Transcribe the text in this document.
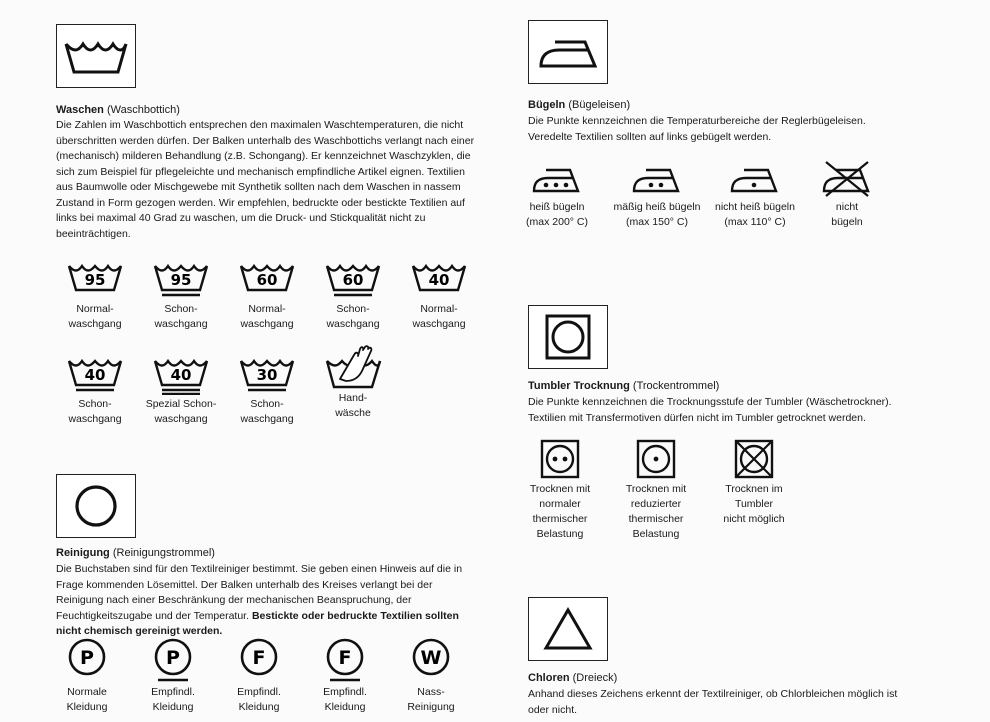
Waschen (Waschbottich)
Die Zahlen im Waschbottich entsprechen den maximalen Waschtemperaturen, die nicht überschritten werden dürfen. Der Balken unterhalb des Waschbottichs verlangt nach einer (mechanisch) milderen Behandlung (z.B. Schongang). Er kennzeichnet Waschzyklen, die sich zum Beispiel für pflegeleichte und mechanisch empfindliche Artikel eignen. Textilien aus Baumwolle oder Mischgewebe mit Synthetik sollten nach dem Waschen in nassem Zustand in Form gezogen werden. Wir empfehlen, bedruckte oder bestickte Textilien auf links bei maximal 40 Grad zu waschen, um die Druck- und Stickqualität nicht zu beeinträchtigen.
95
Normal-
waschgang
95
Schon-
waschgang
60
Normal-
waschgang
60
Schon-
waschgang
40
Normal-
waschgang
40
Schon-
waschgang
40
Spezial Schon-
waschgang
30
Schon-
waschgang
Hand-
wäsche
Reinigung (Reinigungstrommel)
Die Buchstaben sind für den Textilreiniger bestimmt. Sie geben einen Hinweis auf die in Frage kommenden Lösemittel. Der Balken unterhalb des Kreises verlangt bei der Reinigung nach einer Beschränkung der mechanischen Beanspruchung, der Feuchtigkeitszugabe und der Temperatur. Bestickte oder bedruckte Textilien sollten nicht chemisch gereinigt werden.
P
Normale
Kleidung
P
Empfindl.
Kleidung
F
Empfindl.
Kleidung
F
Empfindl.
Kleidung
W
Nass-
Reinigung
Bügeln (Bügeleisen)
Die Punkte kennzeichnen die Temperaturbereiche der Reglerbügeleisen. Veredelte Textilien sollten auf links gebügelt werden.
heiß bügeln
(max 200° C)
mäßig heiß bügeln
(max 150° C)
nicht heiß bügeln
(max 110° C)
nicht
bügeln
Tumbler Trocknung (Trockentrommel)
Die Punkte kennzeichnen die Trocknungsstufe der Tumbler (Wäschetrockner). Textilien mit Transfermotiven dürfen nicht im Tumbler getrocknet werden.
Trocknen mit
normaler
thermischer
Belastung
Trocknen mit
reduzierter
thermischer
Belastung
Trocknen im
Tumbler
nicht möglich
Chloren (Dreieck)
Anhand dieses Zeichens erkennt der Textilreiniger, ob Chlorbleichen möglich ist oder nicht.
